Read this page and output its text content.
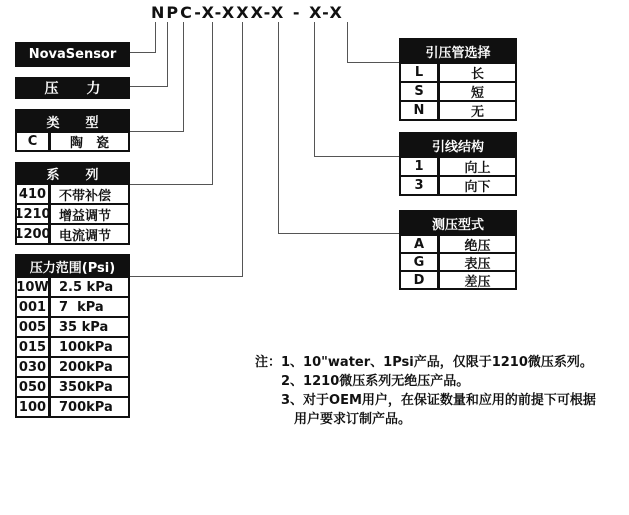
NPC-X-XXX-X - X-X
NovaSensor
压　　力
类　　型
C	陶　瓷
系　　列
410 不带补偿
1210 增益调节
1200 电流调节
压力范围(Psi)
10W 2.5 kPa
001 7  kPa
005 35 kPa
015 100kPa
030 200kPa
050 350kPa
100 700kPa
引压管选择
L	长
S	短
N	无
引线结构
1	向上
3	向下
测压型式
A	绝压
G	表压
D	差压
注： 1、10"water、1Psi产品，仅限于1210微压系列。
2、1210微压系列无绝压产品。
3、对于OEM用户，在保证数量和应用的前提下可根据
用户要求订制产品。
